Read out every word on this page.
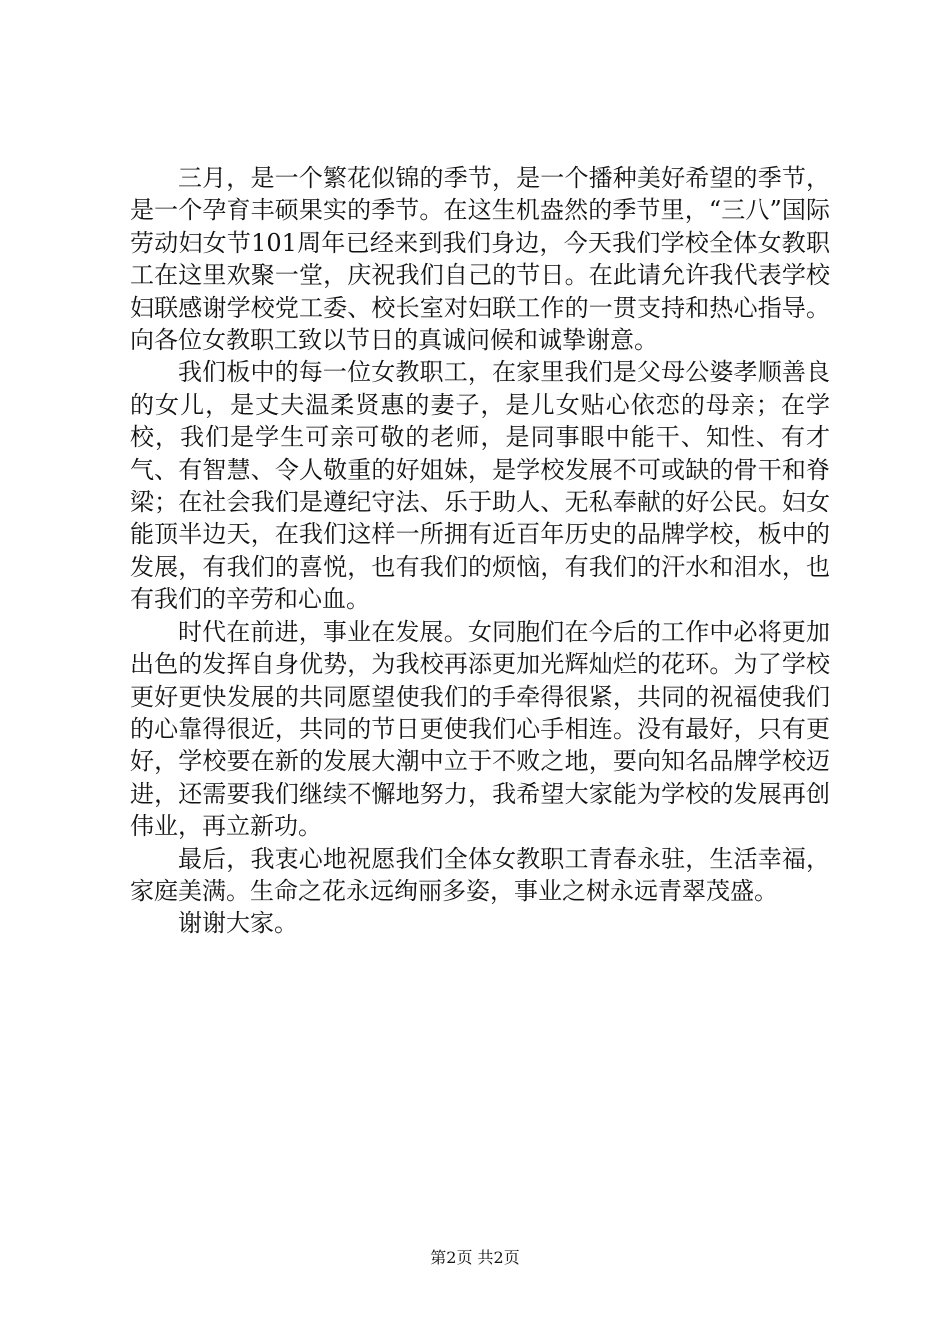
三月，是一个繁花似锦的季节，是一个播种美好希望的季节，是一个孕育丰硕果实的季节。在这生机盎然的季节里，“三八”国际劳动妇女节101周年已经来到我们身边，今天我们学校全体女教职工在这里欢聚一堂，庆祝我们自己的节日。在此请允许我代表学校妇联感谢学校党工委、校长室对妇联工作的一贯支持和热心指导。向各位女教职工致以节日的真诚问候和诚挚谢意。

我们板中的每一位女教职工，在家里我们是父母公婆孝顺善良的女儿，是丈夫温柔贤惠的妻子，是儿女贴心依恋的母亲；在学校，我们是学生可亲可敬的老师，是同事眼中能干、知性、有才气、有智慧、令人敬重的好姐妹，是学校发展不可或缺的骨干和脊梁；在社会我们是遵纪守法、乐于助人、无私奉献的好公民。妇女能顶半边天，在我们这样一所拥有近百年历史的品牌学校，板中的发展，有我们的喜悦，也有我们的烦恼，有我们的汗水和泪水，也有我们的辛劳和心血。

时代在前进，事业在发展。女同胞们在今后的工作中必将更加出色的发挥自身优势，为我校再添更加光辉灿烂的花环。为了学校更好更快发展的共同愿望使我们的手牵得很紧，共同的祝福使我们的心靠得很近，共同的节日更使我们心手相连。没有最好，只有更好，学校要在新的发展大潮中立于不败之地，要向知名品牌学校迈进，还需要我们继续不懈地努力，我希望大家能为学校的发展再创伟业，再立新功。

最后，我衷心地祝愿我们全体女教职工青春永驻，生活幸福，家庭美满。生命之花永远绚丽多姿，事业之树永远青翠茂盛。

谢谢大家。

第2页 共2页
